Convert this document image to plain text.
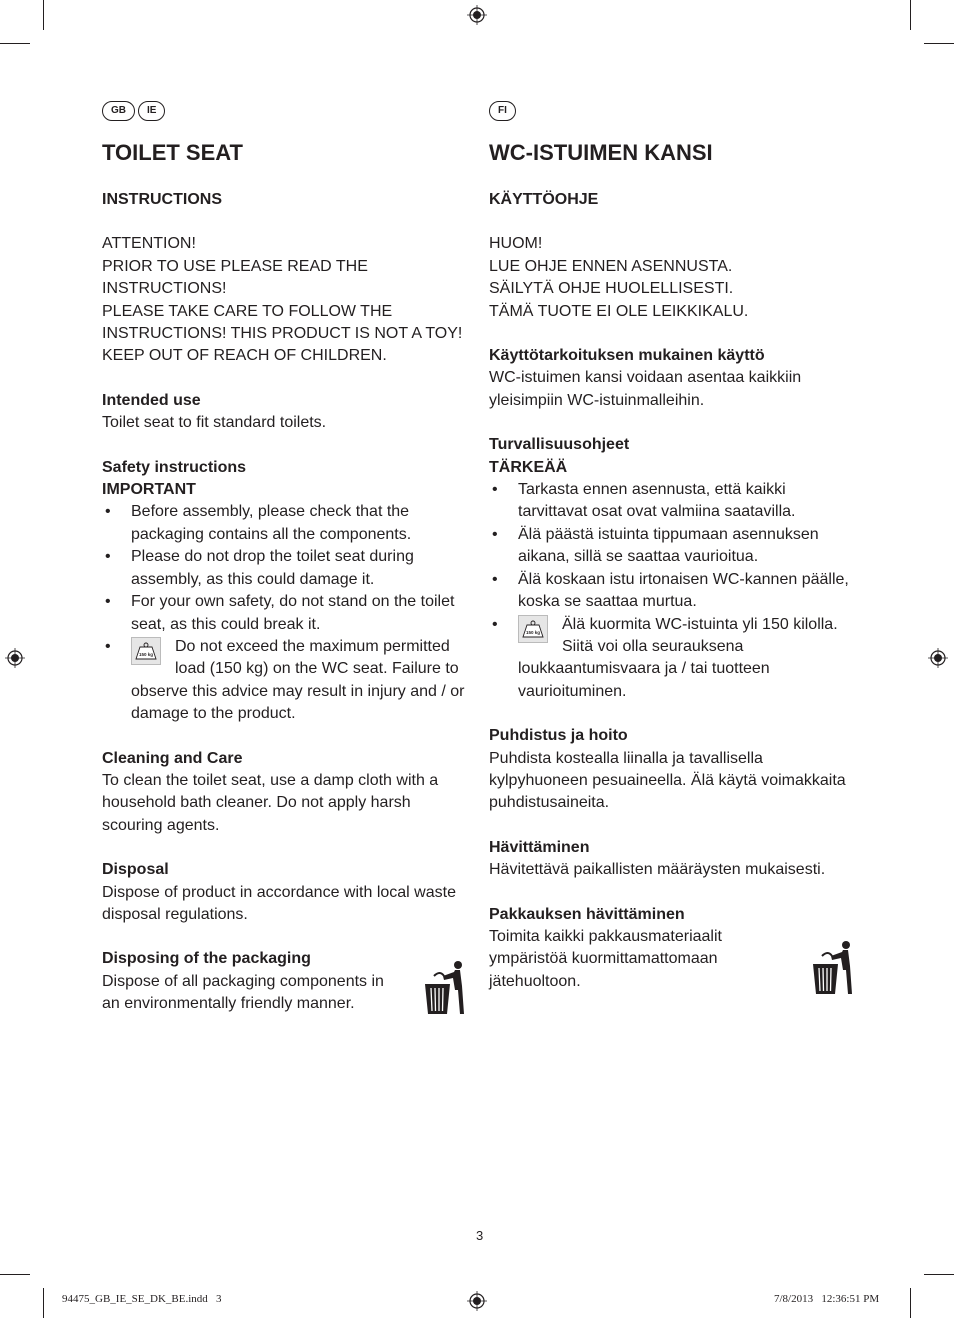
GB	IE
TOILET SEAT

INSTRUCTIONS

ATTENTION!

PRIOR TO USE PLEASE READ THE

INSTRUCTIONS!

PLEASE TAKE CARE TO FOLLOW THE

INSTRUCTIONS! THIS PRODUCT IS NOT A TOY!

KEEP OUT OF REACH OF CHILDREN.

Intended use

Toilet seat to fit standard toilets.

Safety instructions

IMPORTANT

• Before assembly, please check that the packaging contains all the components.
• Please do not drop the toilet seat during assembly, as this could damage it.
• For your own safety, do not stand on the toilet seat, as this could break it.
• 150 kg Do not exceed the maximum permitted load (150 kg) on the WC seat. Failure to observe this advice may result in injury and / or damage to the product.

Cleaning and Care

To clean the toilet seat, use a damp cloth with a household bath cleaner. Do not apply harsh scouring agents.

Disposal

Dispose of product in accordance with local waste disposal regulations.

Disposing of the packaging

Dispose of all packaging components in an environmentally friendly manner.

FI
WC-ISTUIMEN KANSI

KÄYTTÖOHJE

HUOM!

LUE OHJE ENNEN ASENNUSTA.

SÄILYTÄ OHJE HUOLELLISESTI.

TÄMÄ TUOTE EI OLE LEIKKIKALU.

Käyttötarkoituksen mukainen käyttö

WC-istuimen kansi voidaan asentaa kaikkiin yleisimpiin WC-istuinmalleihin.

Turvallisuusohjeet

TÄRKEÄÄ

• Tarkasta ennen asennusta, että kaikki tarvittavat osat ovat valmiina saatavilla.
• Älä päästä istuinta tippumaan asennuksen aikana, sillä se saattaa vaurioitua.
• Älä koskaan istu irtonaisen WC-kannen päälle, koska se saattaa murtua.
• 150 kg Älä kuormita WC-istuinta yli 150 kilolla. Siitä voi olla seurauksena loukkaantumisvaara ja / tai tuotteen vaurioituminen.

Puhdistus ja hoito

Puhdista kostealla liinalla ja tavallisella kylpyhuoneen pesuaineella. Älä käytä voimakkaita puhdistusaineita.

Hävittäminen

Hävitettävä paikallisten määräysten mukaisesti.

Pakkauksen hävittäminen

Toimita kaikki pakkausmateriaalit ympäristöä kuormittamattomaan jätehuoltoon.

3
94475_GB_IE_SE_DK_BE.indd   3	7/8/2013   12:36:51 PM
